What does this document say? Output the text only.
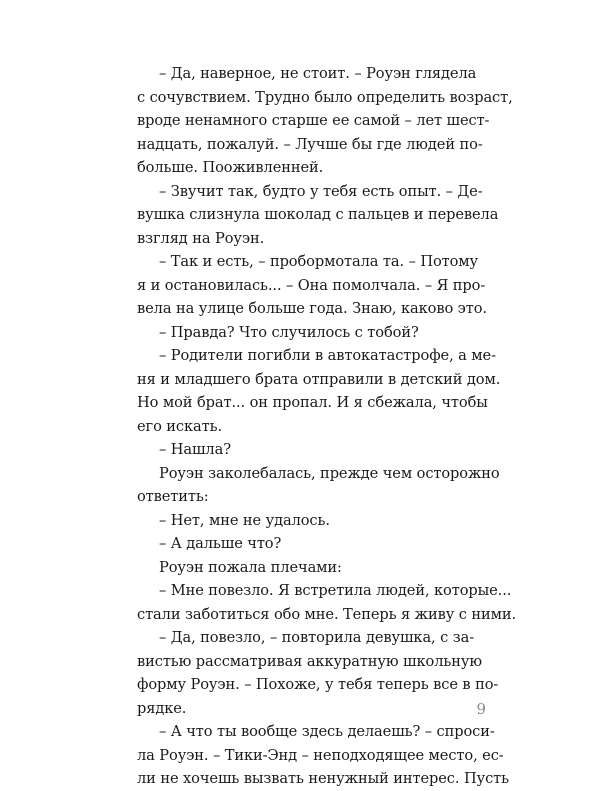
– Да, наверное, не стоит. – Роуэн глядела
с сочувствием. Трудно было определить возраст,
вроде ненамного старше ее самой – лет шест-
надцать, пожалуй. – Лучше бы где людей по-
больше. Пооживленней.
– Звучит так, будто у тебя есть опыт. – Де-
вушка слизнула шоколад с пальцев и перевела
взгляд на Роуэн.
– Так и есть, – пробормотала та. – Потому
я и остановилась... – Она помолчала. – Я про-
вела на улице больше года. Знаю, каково это.
– Правда? Что случилось с тобой?
– Родители погибли в автокатастрофе, а ме-
ня и младшего брата отправили в детский дом.
Но мой брат... он пропал. И я сбежала, чтобы
его искать.
– Нашла?
Роуэн заколебалась, прежде чем осторожно
ответить:
– Нет, мне не удалось.
– А дальше что?
Роуэн пожала плечами:
– Мне повезло. Я встретила людей, которые...
стали заботиться обо мне. Теперь я живу с ними.
– Да, повезло, – повторила девушка, с за-
вистью рассматривая аккуратную школьную
форму Роуэн. – Похоже, у тебя теперь все в по-
рядке.
– А что ты вообще здесь делаешь? – спроси-
ла Роуэн. – Тики-Энд – неподходящее место, ес-
ли не хочешь вызвать ненужный интерес. Пусть
9
